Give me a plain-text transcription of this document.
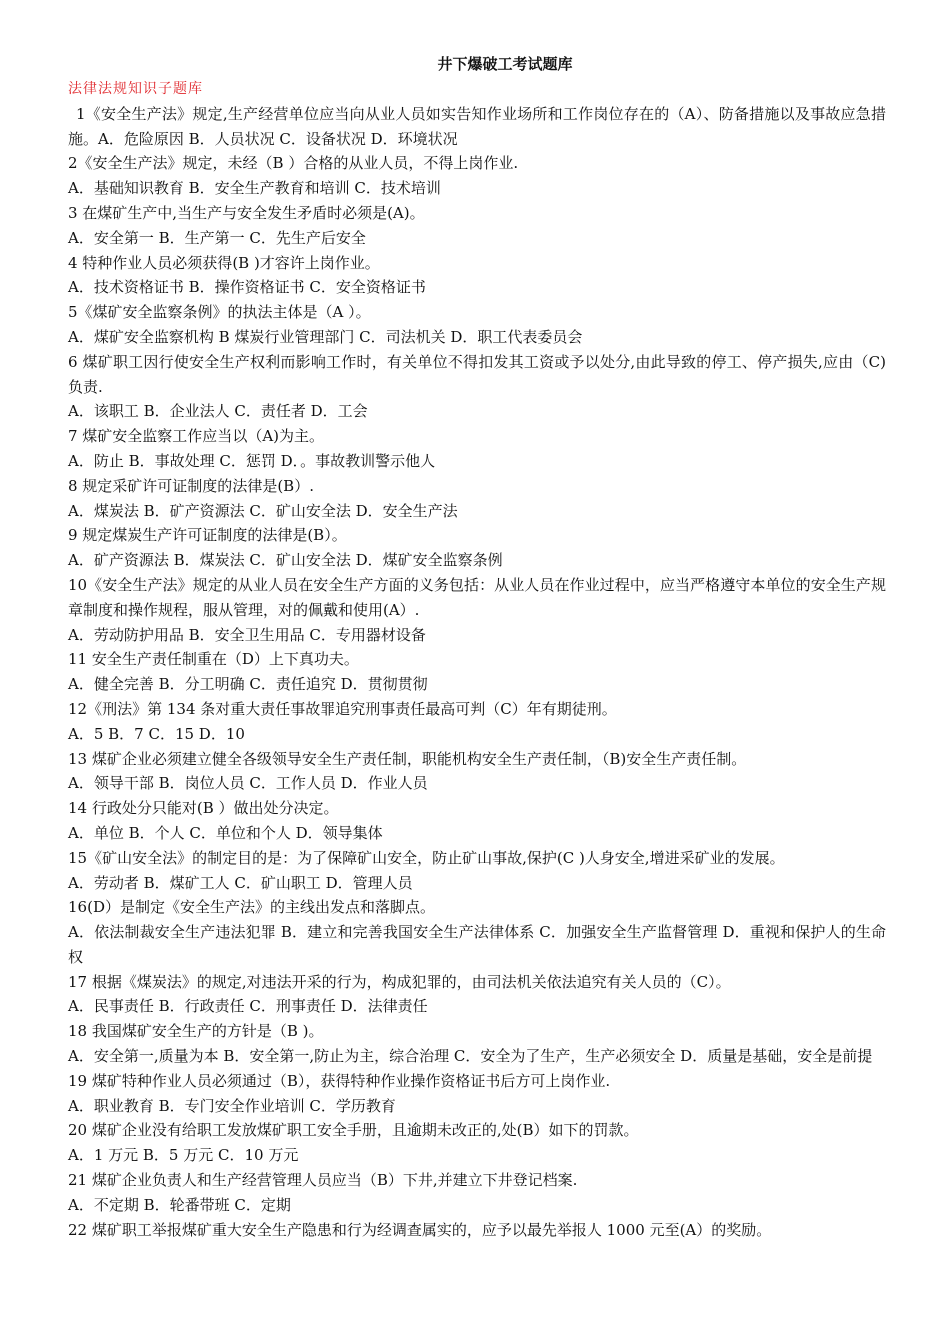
井下爆破工考试题库
法律法规知识子题库
1《安全生产法》规定,生产经营单位应当向从业人员如实告知作业场所和工作岗位存在的（A）、防备措施以及事故应急措施。A．危险原因 B．人员状况 C．设备状况 D．环境状况
2《安全生产法》规定，未经（B ）合格的从业人员，不得上岗作业.
A．基础知识教育 B．安全生产教育和培训 C．技术培训
3 在煤矿生产中,当生产与安全发生矛盾时必须是(A)。
A．安全第一 B．生产第一 C．先生产后安全
4 特种作业人员必须获得(B )才容许上岗作业。
A．技术资格证书 B．操作资格证书 C．安全资格证书
5《煤矿安全监察条例》的执法主体是（A ）。
A．煤矿安全监察机构 B 煤炭行业管理部门 C．司法机关 D．职工代表委员会
6 煤矿职工因行使安全生产权利而影响工作时，有关单位不得扣发其工资或予以处分,由此导致的停工、停产损失,应由（C)负责.
A．该职工 B．企业法人 C．责任者 D．工会
7 煤矿安全监察工作应当以（A)为主。
A．防止 B．事故处理 C．惩罚 D．。事故教训警示他人
8 规定采矿许可证制度的法律是(B）.
A．煤炭法 B．矿产资源法 C．矿山安全法 D．安全生产法
9 规定煤炭生产许可证制度的法律是(B）。
A．矿产资源法 B．煤炭法 C．矿山安全法 D．煤矿安全监察条例
10《安全生产法》规定的从业人员在安全生产方面的义务包括：从业人员在作业过程中，应当严格遵守本单位的安全生产规章制度和操作规程，服从管理，对的佩戴和使用(A）.
A．劳动防护用品 B．安全卫生用品 C．专用器材设备
11 安全生产责任制重在（D）上下真功夫。
A．健全完善 B．分工明确 C．责任追究 D．贯彻贯彻
12《刑法》第 134 条对重大责任事故罪追究刑事责任最高可判（C）年有期徒刑。
A．5 B．7 C．15 D．10
13 煤矿企业必须建立健全各级领导安全生产责任制，职能机构安全生产责任制，（B)安全生产责任制。
A．领导干部 B．岗位人员 C．工作人员 D．作业人员
14 行政处分只能对(B ）做出处分决定。
A．单位 B．个人 C．单位和个人 D．领导集体
15《矿山安全法》的制定目的是：为了保障矿山安全，防止矿山事故,保护(C )人身安全,增进采矿业的发展。
A．劳动者 B．煤矿工人 C．矿山职工 D．管理人员
16(D）是制定《安全生产法》的主线出发点和落脚点。
A．依法制裁安全生产违法犯罪 B．建立和完善我国安全生产法律体系 C．加强安全生产监督管理 D．重视和保护人的生命权
17 根据《煤炭法》的规定,对违法开采的行为，构成犯罪的，由司法机关依法追究有关人员的（C）。
A．民事责任 B．行政责任 C．刑事责任 D．法律责任
18 我国煤矿安全生产的方针是（B )。
A．安全第一,质量为本 B．安全第一,防止为主，综合治理 C．安全为了生产，生产必须安全 D．质量是基础，安全是前提
19 煤矿特种作业人员必须通过（B），获得特种作业操作资格证书后方可上岗作业.
A．职业教育 B．专门安全作业培训 C．学历教育
20 煤矿企业没有给职工发放煤矿职工安全手册，且逾期未改正的,处(B）如下的罚款。
A．1 万元 B．5 万元 C．10 万元
21 煤矿企业负责人和生产经营管理人员应当（B）下井,并建立下井登记档案.
A．不定期 B．轮番带班 C．定期
22 煤矿职工举报煤矿重大安全生产隐患和行为经调查属实的，应予以最先举报人 1000 元至(A）的奖励。
